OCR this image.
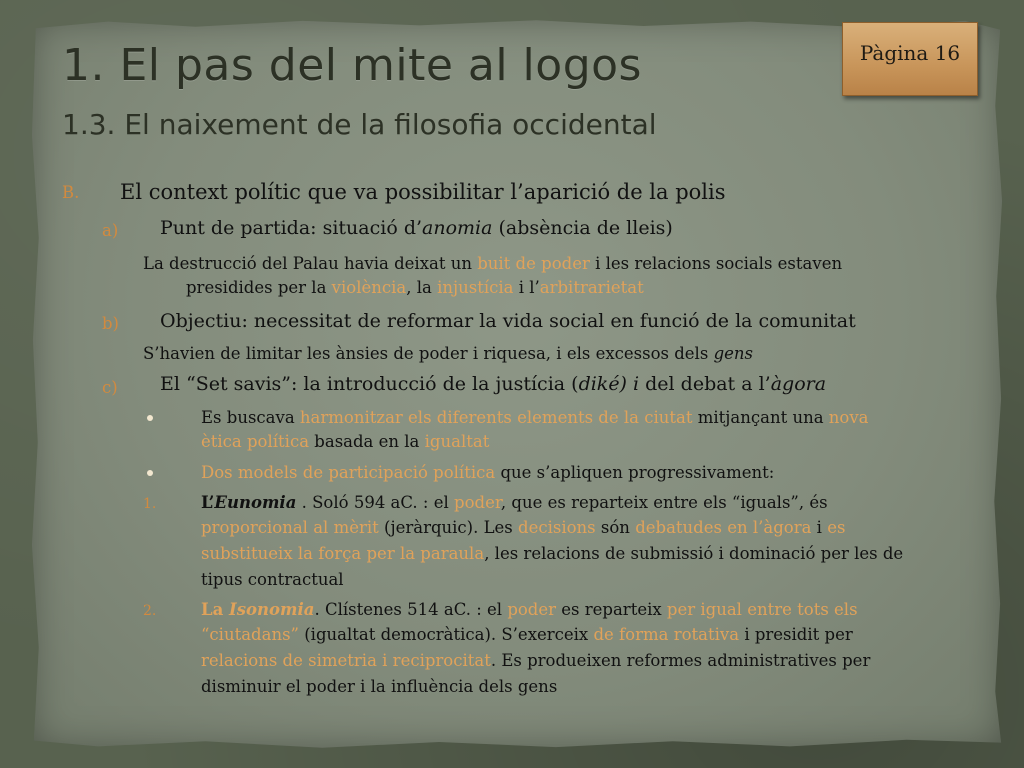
1. El pas del mite al logos
1.3. El naixement de la filosofia occidental
Pàgina 16
B. El context polític que va possibilitar l’aparició de la polis
a) Punt de partida: situació d’anomia (absència de lleis)
La destrucció del Palau havia deixat un buit de poder i les relacions socials estaven
presidides per la violència, la injustícia i l’arbitrarietat
b) Objectiu: necessitat de reformar la vida social en funció de la comunitat
S’havien de limitar les ànsies de poder i riquesa, i els excessos dels gens
c) El “Set savis”: la introducció de la justícia (diké) i del debat a l’àgora
Es buscava harmonitzar els diferents elements de la ciutat mitjançant una nova
ètica política basada en la igualtat
Dos models de participació política que s’apliquen progressivament:
1.	L’Eunomia . Soló 594 aC. : el poder, que es reparteix entre els “iguals”, és
proporcional al mèrit (jeràrquic). Les decisions són debatudes en l’àgora i es
substitueix la força per la paraula, les relacions de submissió i dominació per les de
tipus contractual
2.	La Isonomia. Clístenes 514 aC. : el poder es reparteix per igual entre tots els
“ciutadans” (igualtat democràtica). S’exerceix de forma rotativa i presidit per
relacions de simetria i reciprocitat. Es produeixen reformes administratives per
disminuir el poder i la influència dels gens
